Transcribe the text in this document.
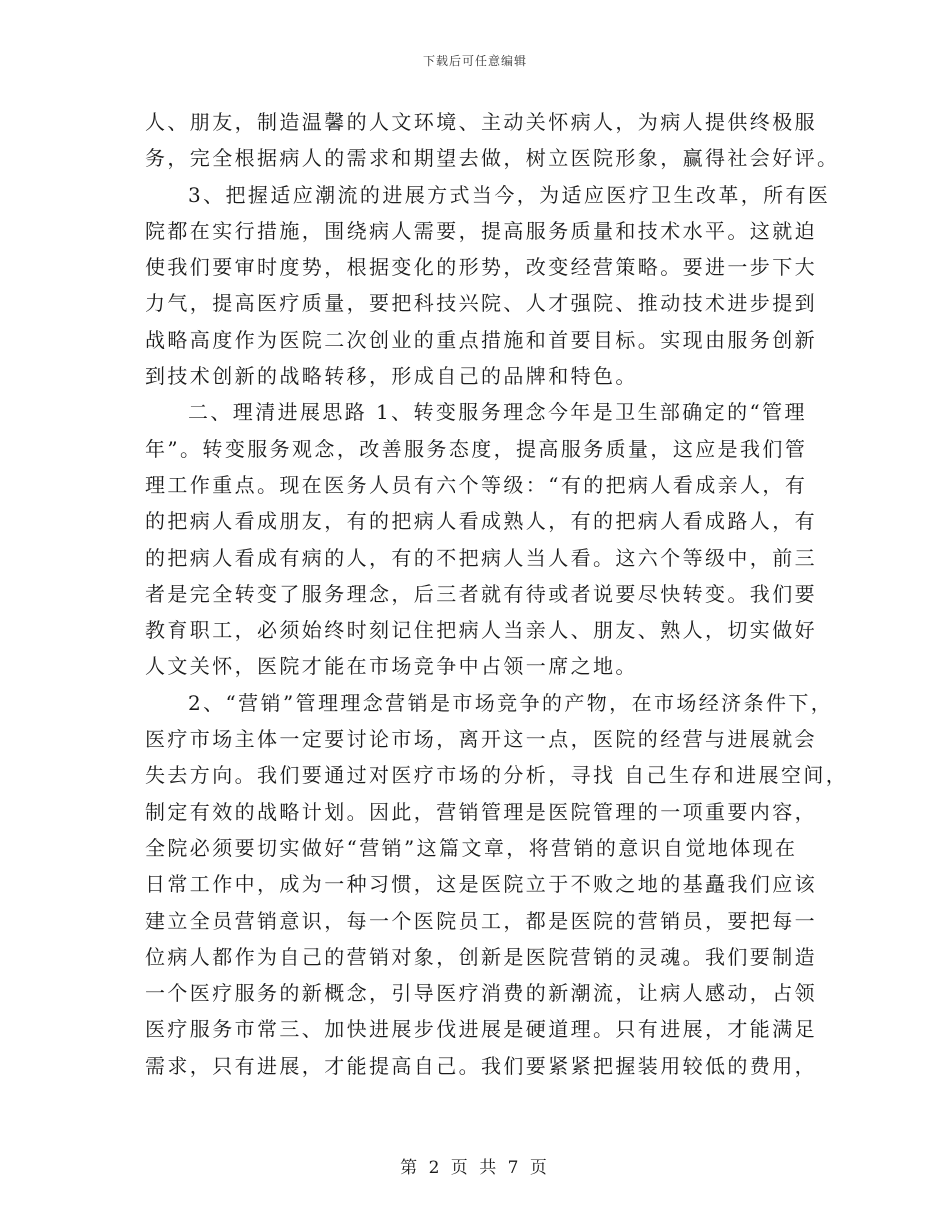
下载后可任意编辑
人、朋友，制造温馨的人文环境、主动关怀病人，为病人提供终极服
务，完全根据病人的需求和期望去做，树立医院形象，赢得社会好评。
3、把握适应潮流的进展方式当今，为适应医疗卫生改革，所有医
院都在实行措施，围绕病人需要，提高服务质量和技术水平。这就迫
使我们要审时度势，根据变化的形势，改变经营策略。要进一步下大
力气，提高医疗质量，要把科技兴院、人才强院、推动技术进步提到
战略高度作为医院二次创业的重点措施和首要目标。实现由服务创新
到技术创新的战略转移，形成自己的品牌和特色。
二、理清进展思路 1、转变服务理念今年是卫生部确定的“管理
年”。转变服务观念，改善服务态度，提高服务质量，这应是我们管
理工作重点。现在医务人员有六个等级：“有的把病人看成亲人，有
的把病人看成朋友，有的把病人看成熟人，有的把病人看成路人，有
的把病人看成有病的人，有的不把病人当人看。这六个等级中，前三
者是完全转变了服务理念，后三者就有待或者说要尽快转变。我们要
教育职工，必须始终时刻记住把病人当亲人、朋友、熟人，切实做好
人文关怀，医院才能在市场竞争中占领一席之地。
2、“营销”管理理念营销是市场竞争的产物，在市场经济条件下，
医疗市场主体一定要讨论市场，离开这一点，医院的经营与进展就会
失去方向。我们要通过对医疗市场的分析，寻找 自己生存和进展空间，
制定有效的战略计划。因此，营销管理是医院管理的一项重要内容，
全院必须要切实做好“营销”这篇文章，将营销的意识自觉地体现在
日常工作中，成为一种习惯，这是医院立于不败之地的基矗我们应该
建立全员营销意识，每一个医院员工，都是医院的营销员，要把每一
位病人都作为自己的营销对象，创新是医院营销的灵魂。我们要制造
一个医疗服务的新概念，引导医疗消费的新潮流，让病人感动，占领
医疗服务市常三、加快进展步伐进展是硬道理。只有进展，才能满足
需求，只有进展，才能提高自己。我们要紧紧把握装用较低的费用，
第 2 页 共 7 页
